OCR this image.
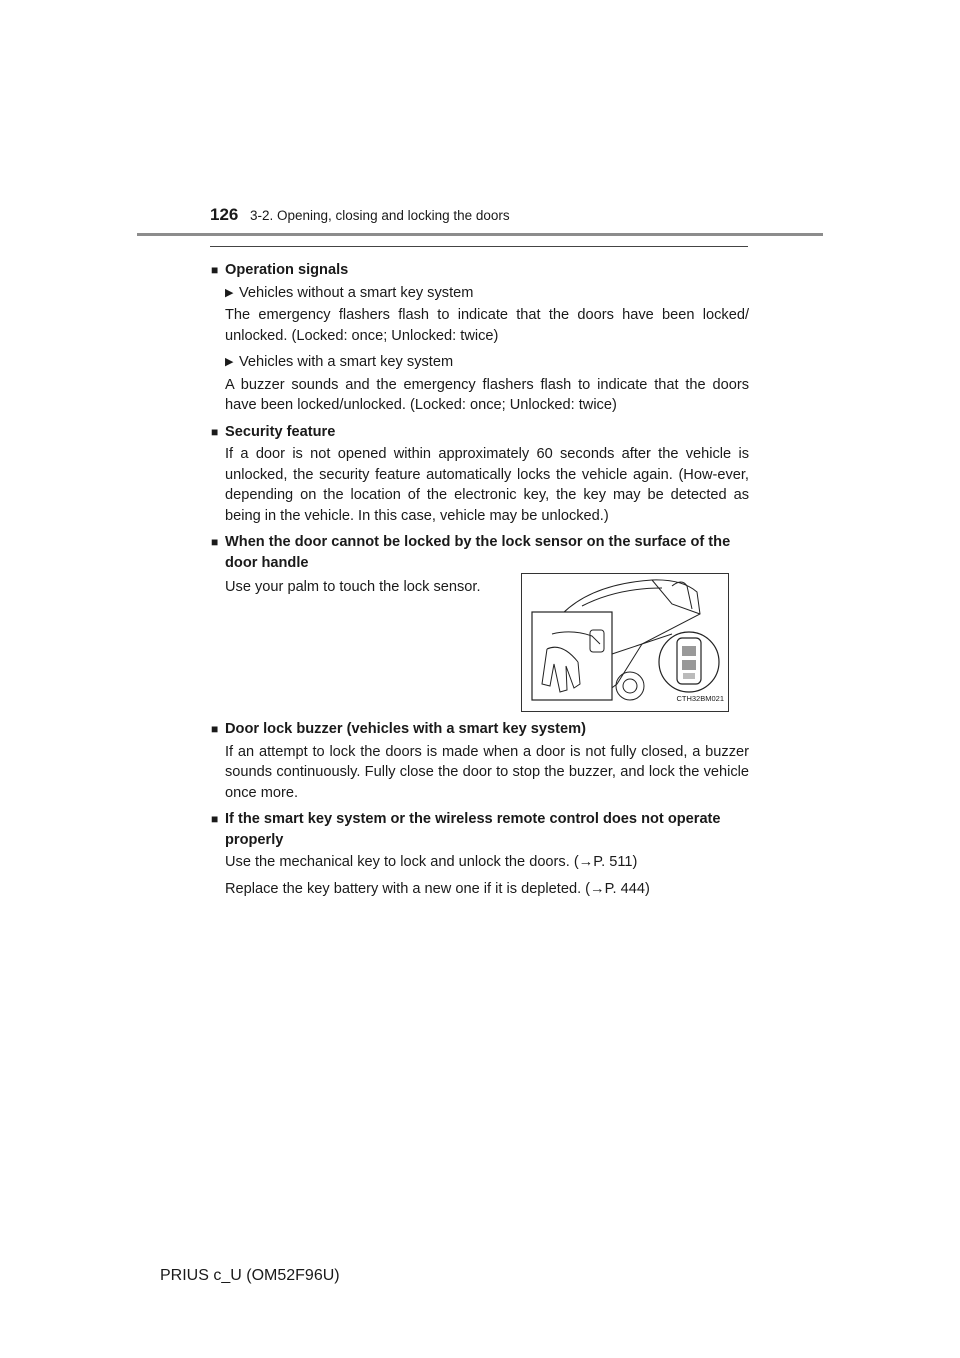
126 3-2. Opening, closing and locking the doors
■ Operation signals
▶ Vehicles without a smart key system
The emergency flashers flash to indicate that the doors have been locked/ unlocked. (Locked: once; Unlocked: twice)
▶ Vehicles with a smart key system
A buzzer sounds and the emergency flashers flash to indicate that the doors have been locked/unlocked. (Locked: once; Unlocked: twice)
■ Security feature
If a door is not opened within approximately 60 seconds after the vehicle is unlocked, the security feature automatically locks the vehicle again. (How-ever, depending on the location of the electronic key, the key may be detected as being in the vehicle. In this case, vehicle may be unlocked.)
■ When the door cannot be locked by the lock sensor on the surface of the door handle
Use your palm to touch the lock sensor.
CTH32BM021
■ Door lock buzzer (vehicles with a smart key system)
If an attempt to lock the doors is made when a door is not fully closed, a buzzer sounds continuously. Fully close the door to stop the buzzer, and lock the vehicle once more.
■ If the smart key system or the wireless remote control does not operate properly
Use the mechanical key to lock and unlock the doors. (→P. 511)
Replace the key battery with a new one if it is depleted. (→P. 444)
PRIUS c_U (OM52F96U)
